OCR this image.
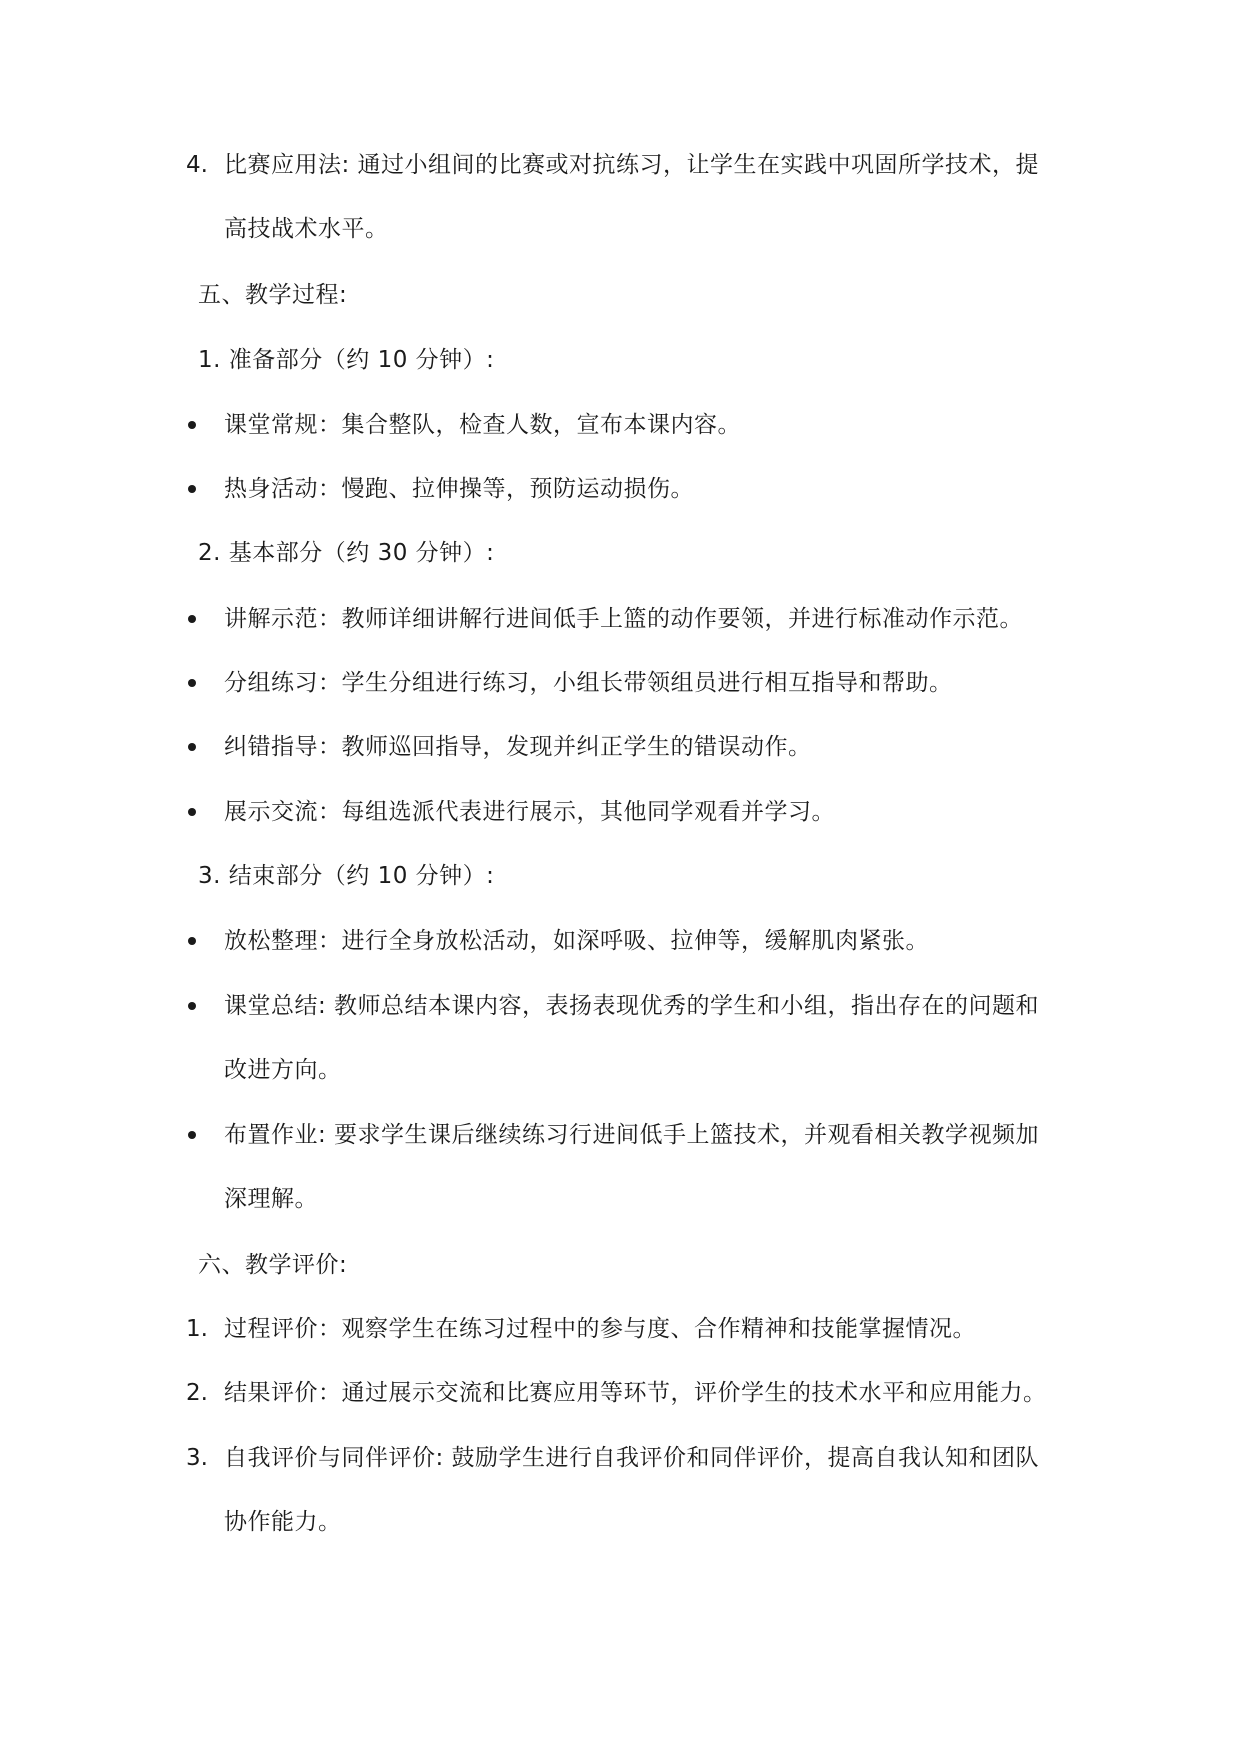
4. 比赛应用法: 通过小组间的比赛或对抗练习，让学生在实践中巩固所学技术，提
高技战术水平。
五、教学过程:
1. 准备部分（约 10 分钟）:
课堂常规：集合整队，检查人数，宣布本课内容。
热身活动：慢跑、拉伸操等，预防运动损伤。
2. 基本部分（约 30 分钟）:
讲解示范：教师详细讲解行进间低手上篮的动作要领，并进行标准动作示范。
分组练习：学生分组进行练习，小组长带领组员进行相互指导和帮助。
纠错指导：教师巡回指导，发现并纠正学生的错误动作。
展示交流：每组选派代表进行展示，其他同学观看并学习。
3. 结束部分（约 10 分钟）:
放松整理：进行全身放松活动，如深呼吸、拉伸等，缓解肌肉紧张。
课堂总结: 教师总结本课内容，表扬表现优秀的学生和小组，指出存在的问题和
改进方向。
布置作业: 要求学生课后继续练习行进间低手上篮技术，并观看相关教学视频加
深理解。
六、教学评价:
1. 过程评价：观察学生在练习过程中的参与度、合作精神和技能掌握情况。
2. 结果评价：通过展示交流和比赛应用等环节，评价学生的技术水平和应用能力。
3. 自我评价与同伴评价: 鼓励学生进行自我评价和同伴评价，提高自我认知和团队
协作能力。
